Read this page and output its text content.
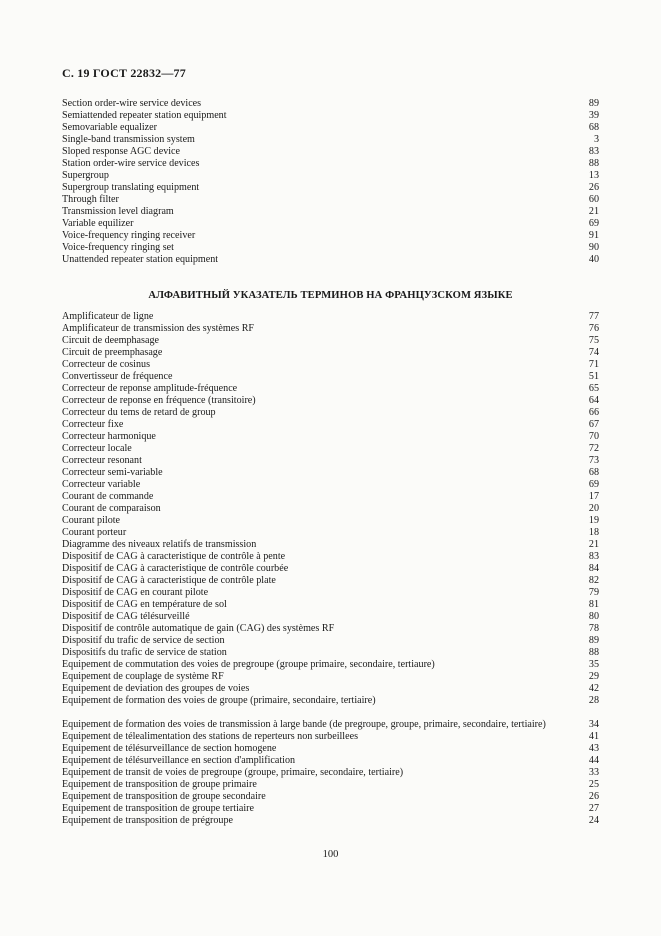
С. 19 ГОСТ 22832—77
Section order-wire service devices	89
Semiattended repeater station equipment	39
Semovariable equalizer	68
Single-band transmission system	3
Sloped response AGC device	83
Station order-wire service devices	88
Supergroup	13
Supergroup translating equipment	26
Through filter	60
Transmission level diagram	21
Variable equilizer	69
Voice-frequency ringing receiver	91
Voice-frequency ringing set	90
Unattended repeater station equipment	40
АЛФАВИТНЫЙ УКАЗАТЕЛЬ ТЕРМИНОВ НА ФРАНЦУЗСКОМ ЯЗЫКЕ
Amplificateur de ligne	77
Amplificateur de transmission des systèmes RF	76
Circuit de deemphasage	75
Circuit de preemphasage	74
Correcteur de cosinus	71
Convertisseur de fréquence	51
Correcteur de reponse amplitude-fréquence	65
Correcteur de reponse en fréquence (transitoire)	64
Correcteur du tems de retard de group	66
Correcteur fixe	67
Correcteur harmonique	70
Correcteur locale	72
Correcteur resonant	73
Correcteur semi-variable	68
Correcteur variable	69
Courant de commande	17
Courant de comparaison	20
Courant pilote	19
Courant porteur	18
Diagramme des niveaux relatifs de transmission	21
Dispositif de CAG à caracteristique de contrôle à pente	83
Dispositif de CAG à caracteristique de contrôle courbée	84
Dispositif de CAG à caracteristique de contrôle plate	82
Dispositif de CAG en courant pilote	79
Dispositif de CAG en température de sol	81
Dispositif de CAG télésurveillé	80
Dispositif de contrôle automatique de gain (CAG) des systèmes RF	78
Dispositif du trafic de service de section	89
Dispositifs du trafic de service de station	88
Equipement de commutation des voies de pregroupe (groupe primaire, secondaire, tertiaure)	35
Equipement de couplage de système RF	29
Equipement de deviation des groupes de voies	42
Equipement de formation des voies de groupe (primaire, secondaire, tertiaire)	28
Equipement de formation des voies de transmission à large bande (de pregroupe, groupe, primaire, secondaire, tertiaire)	34
Equipement de télealimentation des stations de reperteurs non surbeillees	41
Equipement de télésurveillance de section homogene	43
Equipement de télésurveillance en section d'amplification	44
Equipement de transit de voies de pregroupe (groupe, primaire, secondaire, tertiaire)	33
Equipement de transposition de groupe primaire	25
Equipement de transposition de groupe secondaire	26
Equipement de transposition de groupe tertiaire	27
Equipement de transposition de prégroupe	24
100
